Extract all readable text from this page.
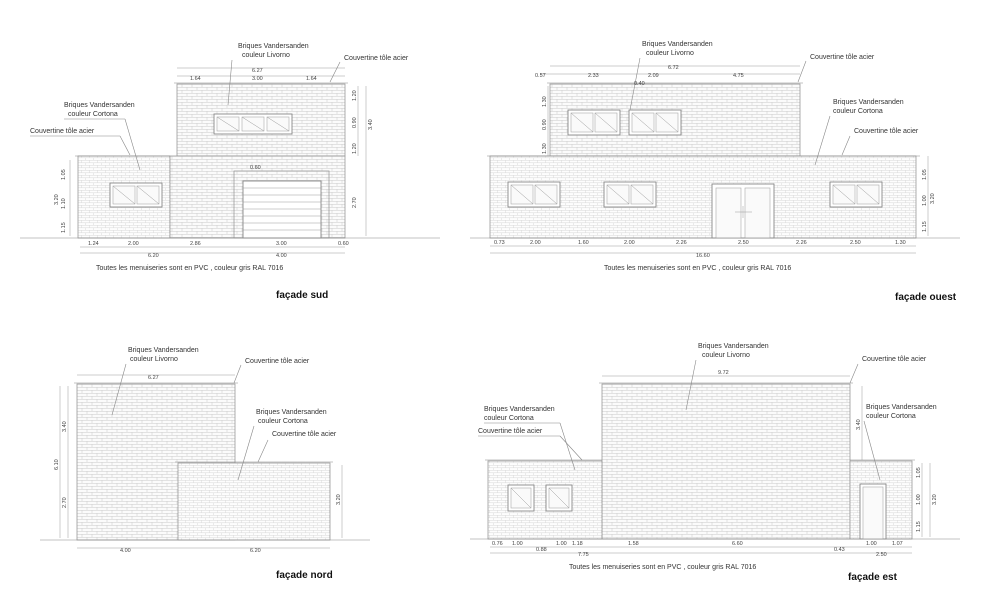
Briques Vandersanden
couleur Livorno	Couvertine tôle acier
Briques Vandersanden
couleur Cortona
Couvertine tôle acier
6.27
1.64	3.00	1.64
0.60
1.24	2.00	2.86	3.00	0.60
6.20	4.00
1.15
1.10
1.05
3.20
1.20
0.90
1.20
3.40
2.70
Toutes les menuiseries sont en PVC , couleur gris RAL 7016
façade sud
Briques Vandersanden
couleur Livorno
Couvertine tôle acier
Briques Vandersanden
couleur Cortona
Couvertine tôle acier
6.72
0.57	2.33	2.09	4.75
0.40
1.30
0.90
1.30
0.73	2.00	1.60	2.00	2.26	2.50	2.26	2.50	1.30
16.60
1.05
1.00
1.15
3.20
Toutes les menuiseries sont en PVC , couleur gris RAL 7016
façade ouest
Briques Vandersanden
couleur Livorno	Couvertine tôle acier
Briques Vandersanden
couleur Cortona
Couvertine tôle acier
6.27
3.40
2.70
6.10
3.20
4.00	6.20
façade nord
Briques Vandersanden
couleur Livorno
Couvertine tôle acier
Briques Vandersanden
couleur Cortona
Briques Vandersanden
couleur Cortona
Couvertine tôle acier
9.72
3.40
1.05
1.00
1.15
3.20
0.76 1.00	1.00 1.18	1.58	6.60
0.43
1.00	1.07
0.88
7.75	2.50
Toutes les menuiseries sont en PVC , couleur gris RAL 7016
façade est
